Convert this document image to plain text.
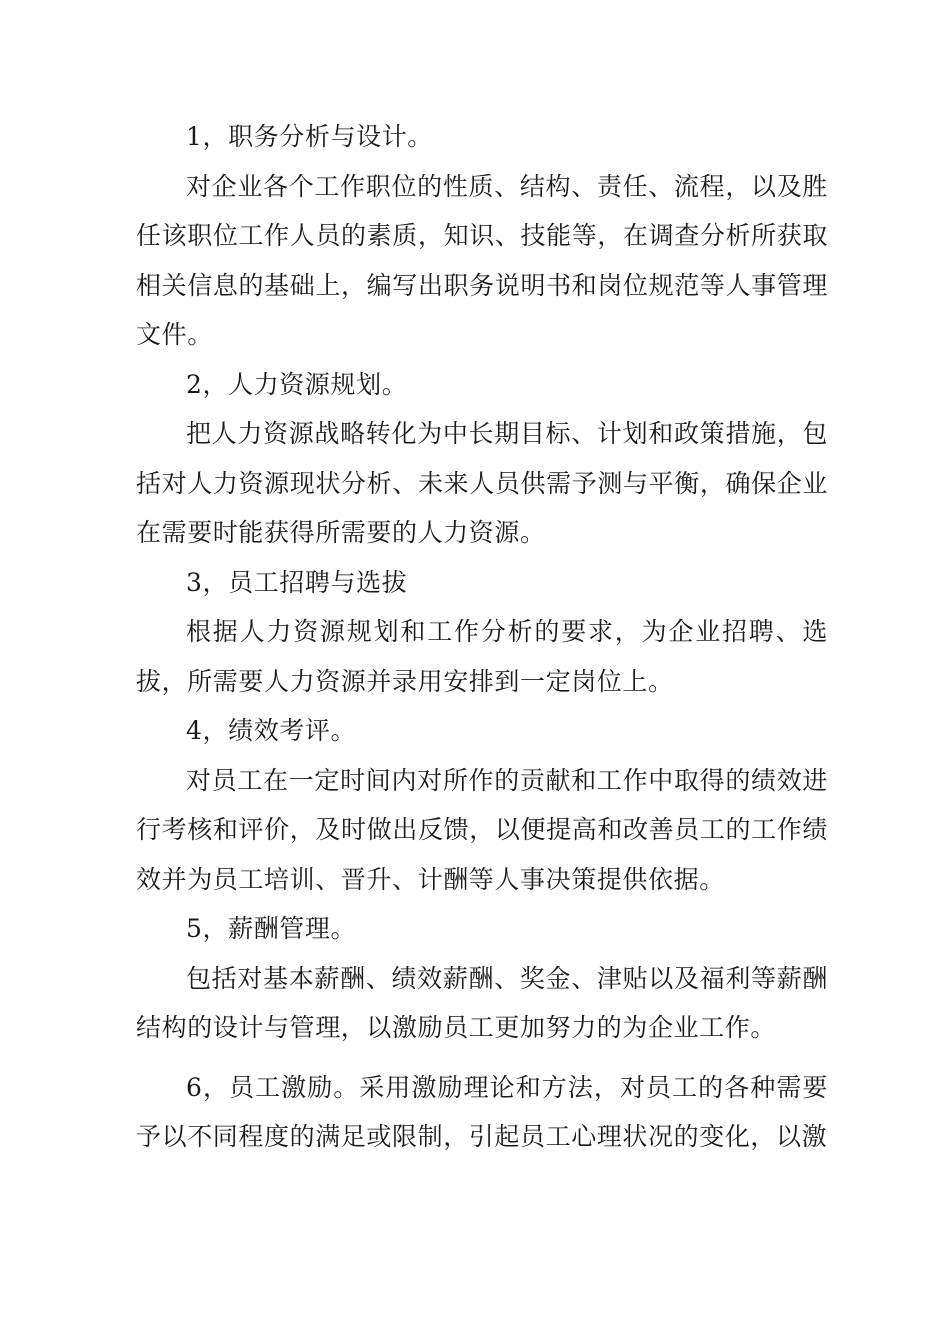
1，职务分析与设计。

对企业各个工作职位的性质、结构、责任、流程，以及胜任该职位工作人员的素质，知识、技能等，在调查分析所获取相关信息的基础上，编写出职务说明书和岗位规范等人事管理文件。

2，人力资源规划。

把人力资源战略转化为中长期目标、计划和政策措施，包括对人力资源现状分析、未来人员供需予测与平衡，确保企业在需要时能获得所需要的人力资源。

3，员工招聘与选拔

根据人力资源规划和工作分析的要求，为企业招聘、选拔，所需要人力资源并录用安排到一定岗位上。

4，绩效考评。

对员工在一定时间内对所作的贡献和工作中取得的绩效进行考核和评价，及时做出反馈，以便提高和改善员工的工作绩效并为员工培训、晋升、计酬等人事决策提供依据。

5，薪酬管理。

包括对基本薪酬、绩效薪酬、奖金、津贴以及福利等薪酬结构的设计与管理，以激励员工更加努力的为企业工作。

6，员工激励。采用激励理论和方法，对员工的各种需要予以不同程度的满足或限制，引起员工心理状况的变化，以激
